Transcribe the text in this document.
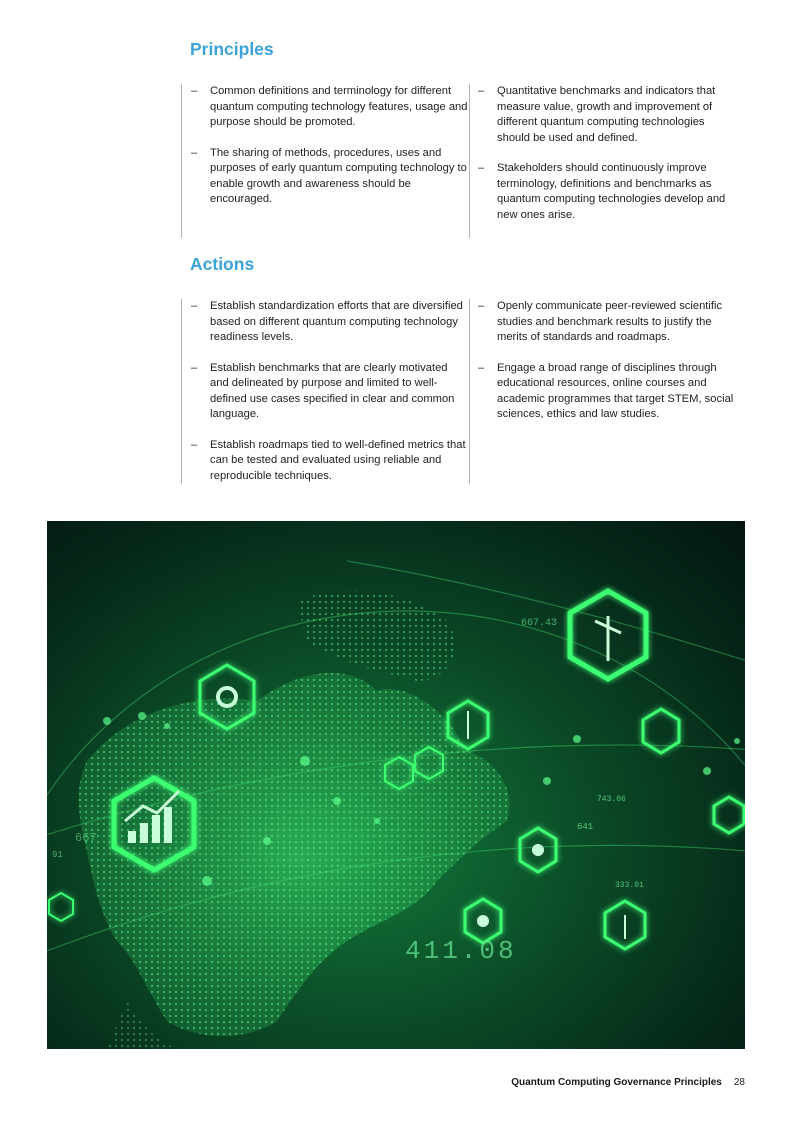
Principles
– Common definitions and terminology for different quantum computing technology features, usage and purpose should be promoted.
– The sharing of methods, procedures, uses and purposes of early quantum computing technology to enable growth and awareness should be encouraged.
– Quantitative benchmarks and indicators that measure value, growth and improvement of different quantum computing technologies should be used and defined.
– Stakeholders should continuously improve terminology, definitions and benchmarks as quantum computing technologies develop and new ones arise.
Actions
– Establish standardization efforts that are diversified based on different quantum computing technology readiness levels.
– Establish benchmarks that are clearly motivated and delineated by purpose and limited to well-defined use cases specified in clear and common language.
– Establish roadmaps tied to well-defined metrics that can be tested and evaluated using reliable and reproducible techniques.
– Openly communicate peer-reviewed scientific studies and benchmark results to justify the merits of standards and roadmaps.
– Engage a broad range of disciplines through educational resources, online courses and academic programmes that target STEM, social sciences, ethics and law studies.
667.43
411.08
641
743.06
333.01
91
667
Quantum Computing Governance Principles 28
